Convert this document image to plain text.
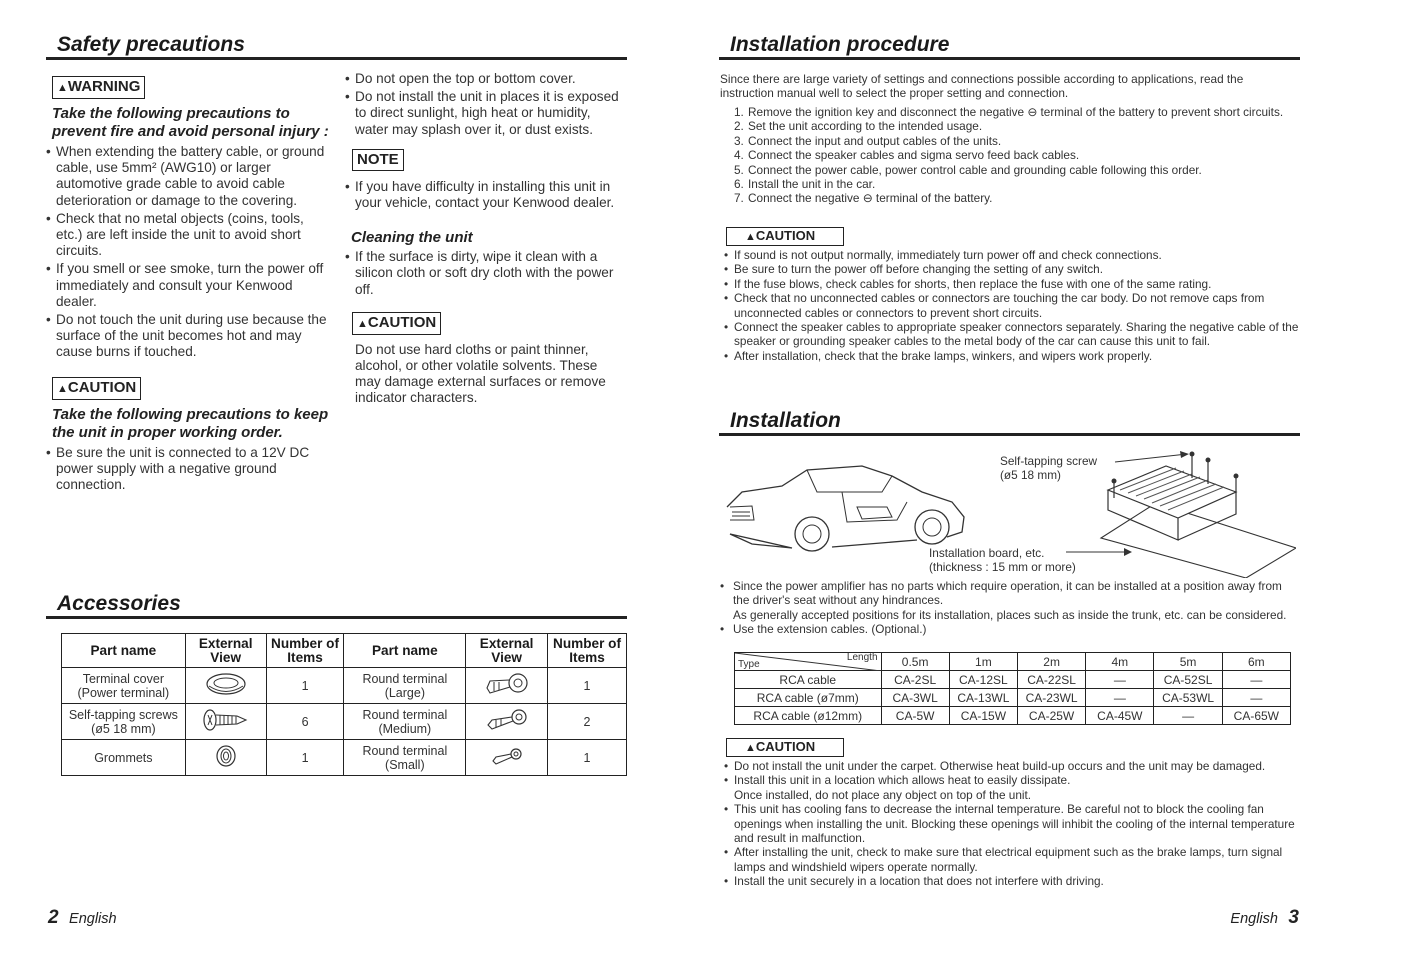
Safety precautions
▲WARNING
Take the following precautions to prevent fire and avoid personal injury :
• When extending the battery cable, or ground cable, use 5mm² (AWG10) or larger automotive grade cable to avoid cable deterioration or damage to the covering.
• Check that no metal objects (coins, tools, etc.) are left inside the unit to avoid short circuits.
• If you smell or see smoke, turn the power off immediately and consult your Kenwood dealer.
• Do not touch the unit during use because the surface of the unit becomes hot and may cause burns if touched.
▲CAUTION
Take the following precautions to keep the unit in proper working order.
• Be sure the unit is connected to a 12V DC power supply with a negative ground connection.
• Do not open the top or bottom cover.
• Do not install the unit in places it is exposed to direct sunlight, high heat or humidity, water may splash over it, or dust exists.
NOTE
• If you have difficulty in installing this unit in your vehicle, contact your Kenwood dealer.
Cleaning the unit
• If the surface is dirty, wipe it clean with a silicon cloth or soft dry cloth with the power off.
▲CAUTION
Do not use hard cloths or paint thinner, alcohol, or other volatile solvents. These may damage external surfaces or remove indicator characters.
Accessories
Part name	External View	Number of Items	Part name	External View	Number of Items
Terminal cover (Power terminal)		1	Round terminal (Large)		1
Self-tapping screws (ø5 18 mm)		6	Round terminal (Medium)		2
Grommets		1	Round terminal (Small)		1
2 English
Installation procedure
Since there are large variety of settings and connections possible according to applications, read the instruction manual well to select the proper setting and connection.
1. Remove the ignition key and disconnect the negative ⊖ terminal of the battery to prevent short circuits.
2. Set the unit according to the intended usage.
3. Connect the input and output cables of the units.
4. Connect the speaker cables and sigma servo feed back cables.
5. Connect the power cable, power control cable and grounding cable following this order.
6. Install the unit in the car.
7. Connect the negative ⊖ terminal of the battery.
▲CAUTION
• If sound is not output normally, immediately turn power off and check connections.
• Be sure to turn the power off before changing the setting of any switch.
• If the fuse blows, check cables for shorts, then replace the fuse with one of the same rating.
• Check that no unconnected cables or connectors are touching the car body. Do not remove caps from unconnected cables or connectors to prevent short circuits.
• Connect the speaker cables to appropriate speaker connectors separately. Sharing the negative cable of the speaker or grounding speaker cables to the metal body of the car can cause this unit to fail.
• After installation, check that the brake lamps, winkers, and wipers work properly.
Installation
Self-tapping screw
(ø5 18 mm)
Installation board, etc.
(thickness : 15 mm or more)
• Since the power amplifier has no parts which require operation, it can be installed at a position away from the driver's seat without any hindrances.
As generally accepted positions for its installation, places such as inside the trunk, etc. can be considered.
• Use the extension cables. (Optional.)
Type
Length	0.5m	1m	2m	4m	5m	6m
RCA cable	CA-2SL	CA-12SL	CA-22SL	—	CA-52SL	—
RCA cable (ø7mm)	CA-3WL	CA-13WL	CA-23WL	—	CA-53WL	—
RCA cable (ø12mm)	CA-5W	CA-15W	CA-25W	CA-45W	—	CA-65W
▲CAUTION
• Do not install the unit under the carpet. Otherwise heat build-up occurs and the unit may be damaged.
• Install this unit in a location which allows heat to easily dissipate.
Once installed, do not place any object on top of the unit.
• This unit has cooling fans to decrease the internal temperature. Be careful not to block the cooling fan openings when installing the unit. Blocking these openings will inhibit the cooling of the internal temperature and result in malfunction.
• After installing the unit, check to make sure that electrical equipment such as the brake lamps, turn signal lamps and windshield wipers operate normally.
• Install the unit securely in a location that does not interfere with driving.
English 3
